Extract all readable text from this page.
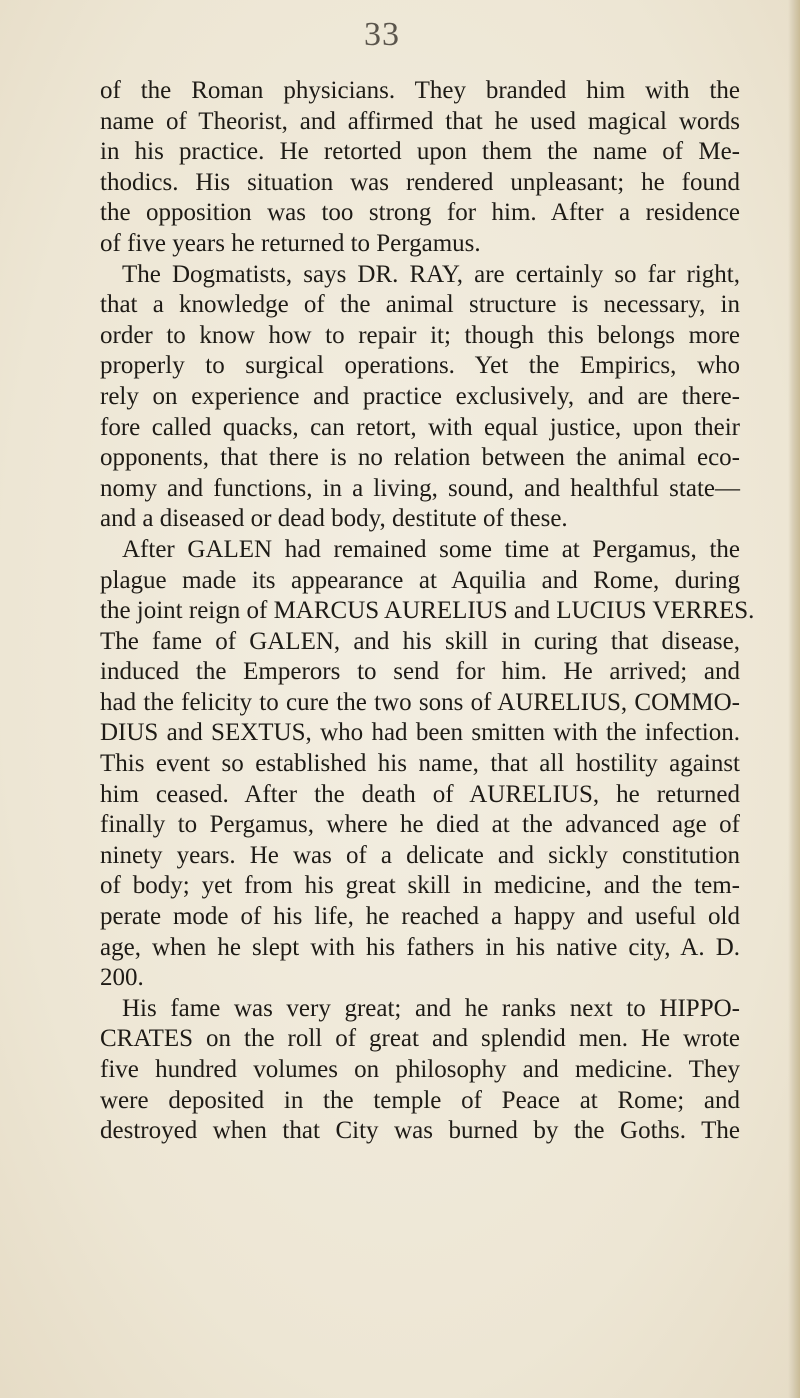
33
of the Roman physicians. They branded him with the
name of Theorist, and affirmed that he used magical words
in his practice. He retorted upon them the name of Me-
thodics. His situation was rendered unpleasant; he found
the opposition was too strong for him. After a residence
of five years he returned to Pergamus.
The Dogmatists, says DR. RAY, are certainly so far right,
that a knowledge of the animal structure is necessary, in
order to know how to repair it; though this belongs more
properly to surgical operations. Yet the Empirics, who
rely on experience and practice exclusively, and are there-
fore called quacks, can retort, with equal justice, upon their
opponents, that there is no relation between the animal eco-
nomy and functions, in a living, sound, and healthful state—
and a diseased or dead body, destitute of these.
After GALEN had remained some time at Pergamus, the
plague made its appearance at Aquilia and Rome, during
the joint reign of MARCUS AURELIUS and LUCIUS VERRES.
The fame of GALEN, and his skill in curing that disease,
induced the Emperors to send for him. He arrived; and
had the felicity to cure the two sons of AURELIUS, COMMO-
DIUS and SEXTUS, who had been smitten with the infection.
This event so established his name, that all hostility against
him ceased. After the death of AURELIUS, he returned
finally to Pergamus, where he died at the advanced age of
ninety years. He was of a delicate and sickly constitution
of body; yet from his great skill in medicine, and the tem-
perate mode of his life, he reached a happy and useful old
age, when he slept with his fathers in his native city, A. D.
200.
His fame was very great; and he ranks next to HIPPO-
CRATES on the roll of great and splendid men. He wrote
five hundred volumes on philosophy and medicine. They
were deposited in the temple of Peace at Rome; and
destroyed when that City was burned by the Goths. The
